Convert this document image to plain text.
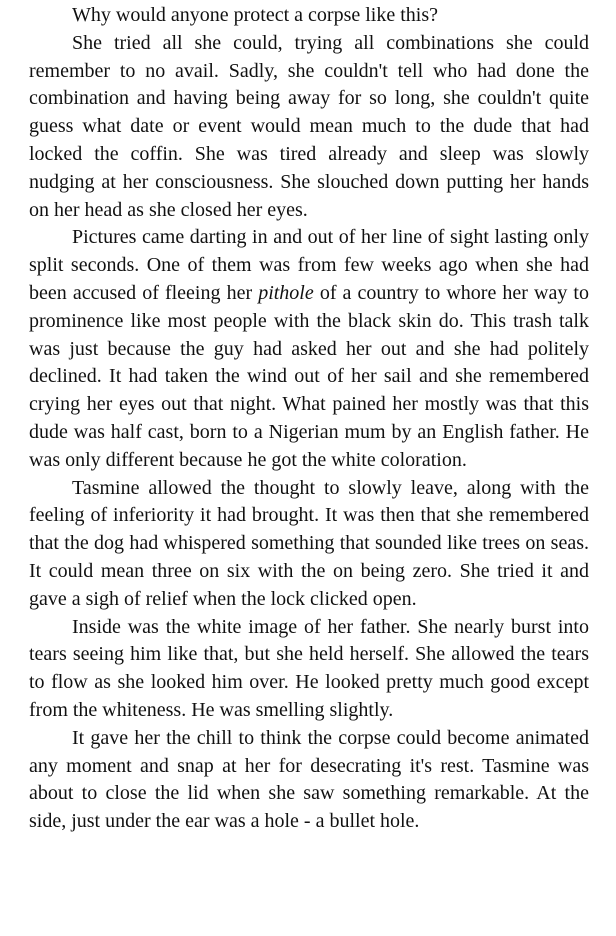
Why would anyone protect a corpse like this?

She tried all she could, trying all combinations she could remember to no avail. Sadly, she couldn't tell who had done the combination and having being away for so long, she couldn't quite guess what date or event would mean much to the dude that had locked the coffin. She was tired already and sleep was slowly nudging at her consciousness. She slouched down putting her hands on her head as she closed her eyes.

Pictures came darting in and out of her line of sight lasting only split seconds. One of them was from few weeks ago when she had been accused of fleeing her pithole of a country to whore her way to prominence like most people with the black skin do. This trash talk was just because the guy had asked her out and she had politely declined. It had taken the wind out of her sail and she remembered crying her eyes out that night. What pained her mostly was that this dude was half cast, born to a Nigerian mum by an English father. He was only different because he got the white coloration.

Tasmine allowed the thought to slowly leave, along with the feeling of inferiority it had brought. It was then that she remembered that the dog had whispered something that sounded like trees on seas. It could mean three on six with the on being zero. She tried it and gave a sigh of relief when the lock clicked open.

Inside was the white image of her father. She nearly burst into tears seeing him like that, but she held herself. She allowed the tears to flow as she looked him over. He looked pretty much good except from the whiteness. He was smelling slightly.

It gave her the chill to think the corpse could become animated any moment and snap at her for desecrating it's rest. Tasmine was about to close the lid when she saw something remarkable. At the side, just under the ear was a hole - a bullet hole.
